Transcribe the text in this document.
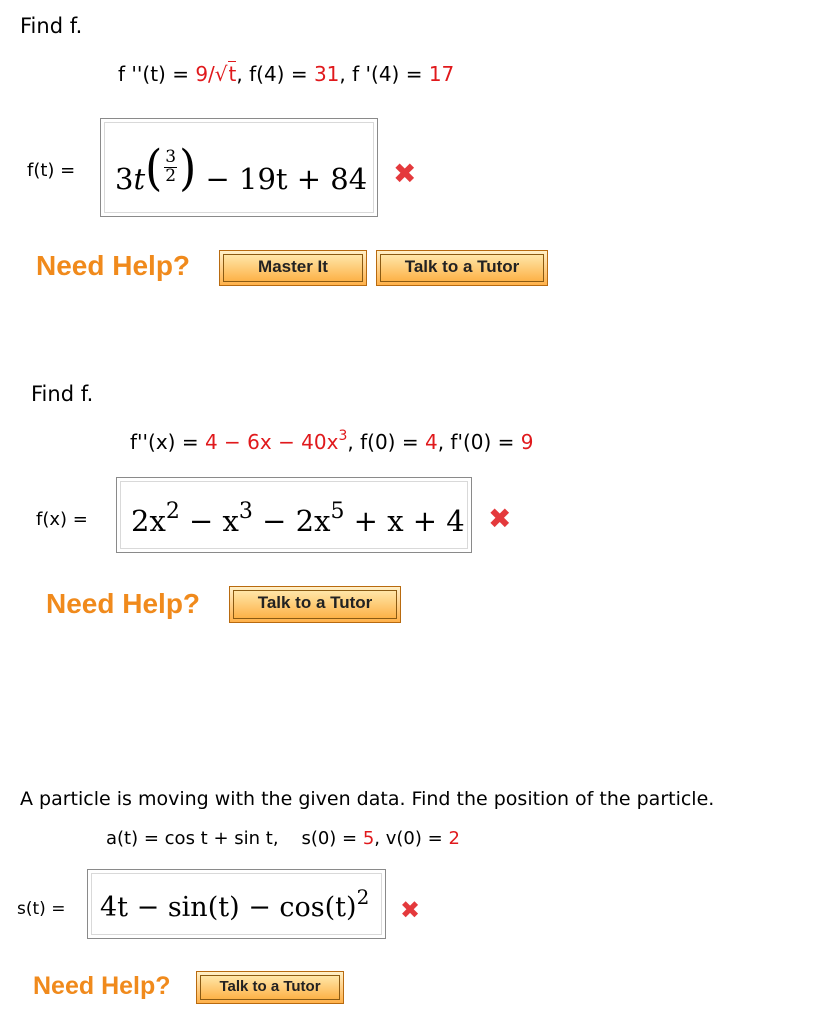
Find f.
f ''(t) = 9/√t, f(4) = 31, f '(4) = 17
$f(t) = 3t( \frac{3}{2}$ ) − 19t + 84 ✖
Need Help?	Master It	Talk to a Tutor
Find f.
$f''(x) = 4 - 6x - 40x^3$, f(0) = 4, f'(0) = 9
$f(x) = 2x^2 - x^3 - 2x^5 + x + 4$ ✖
Need Help?	Talk to a Tutor
A particle is moving with the given data. Find the position of the particle.
a(t) = cos t + sin t, s(0) = 5, v(0) = 2
$s(t) = 4t - \sin(t) - \cos(t)^2$ ✖
Need Help?	Talk to a Tutor
